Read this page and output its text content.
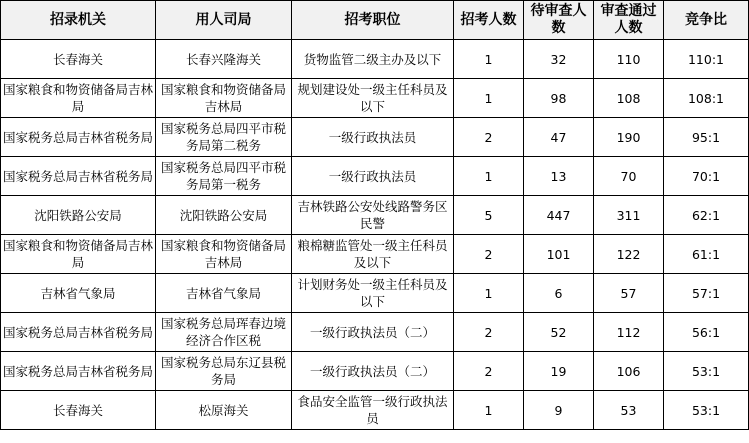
招录机关	用人司局	招考职位	招考人数	待审查人数	审查通过人数	竞争比

长春海关	长春兴隆海关	货物监管二级主办及以下	1	32	110	110:1

国家粮食和物资储备局吉林局	国家粮食和物资储备局吉林局	规划建设处一级主任科员及以下	1	98	108	108:1

国家税务总局吉林省税务局	国家税务总局四平市税务局第二税务	一级行政执法员	2	47	190	95:1

国家税务总局吉林省税务局	国家税务总局四平市税务局第一税务	一级行政执法员	1	13	70	70:1

沈阳铁路公安局	沈阳铁路公安局	吉林铁路公安处线路警务区民警	5	447	311	62:1

国家粮食和物资储备局吉林局	国家粮食和物资储备局吉林局	粮棉糖监管处一级主任科员及以下	2	101	122	61:1

吉林省气象局	吉林省气象局	计划财务处一级主任科员及以下	1	6	57	57:1

国家税务总局吉林省税务局	国家税务总局珲春边境经济合作区税	一级行政执法员（二）	2	52	112	56:1

国家税务总局吉林省税务局	国家税务总局东辽县税务局	一级行政执法员（二）	2	19	106	53:1

长春海关	松原海关	食品安全监管一级行政执法员	1	9	53	53:1
